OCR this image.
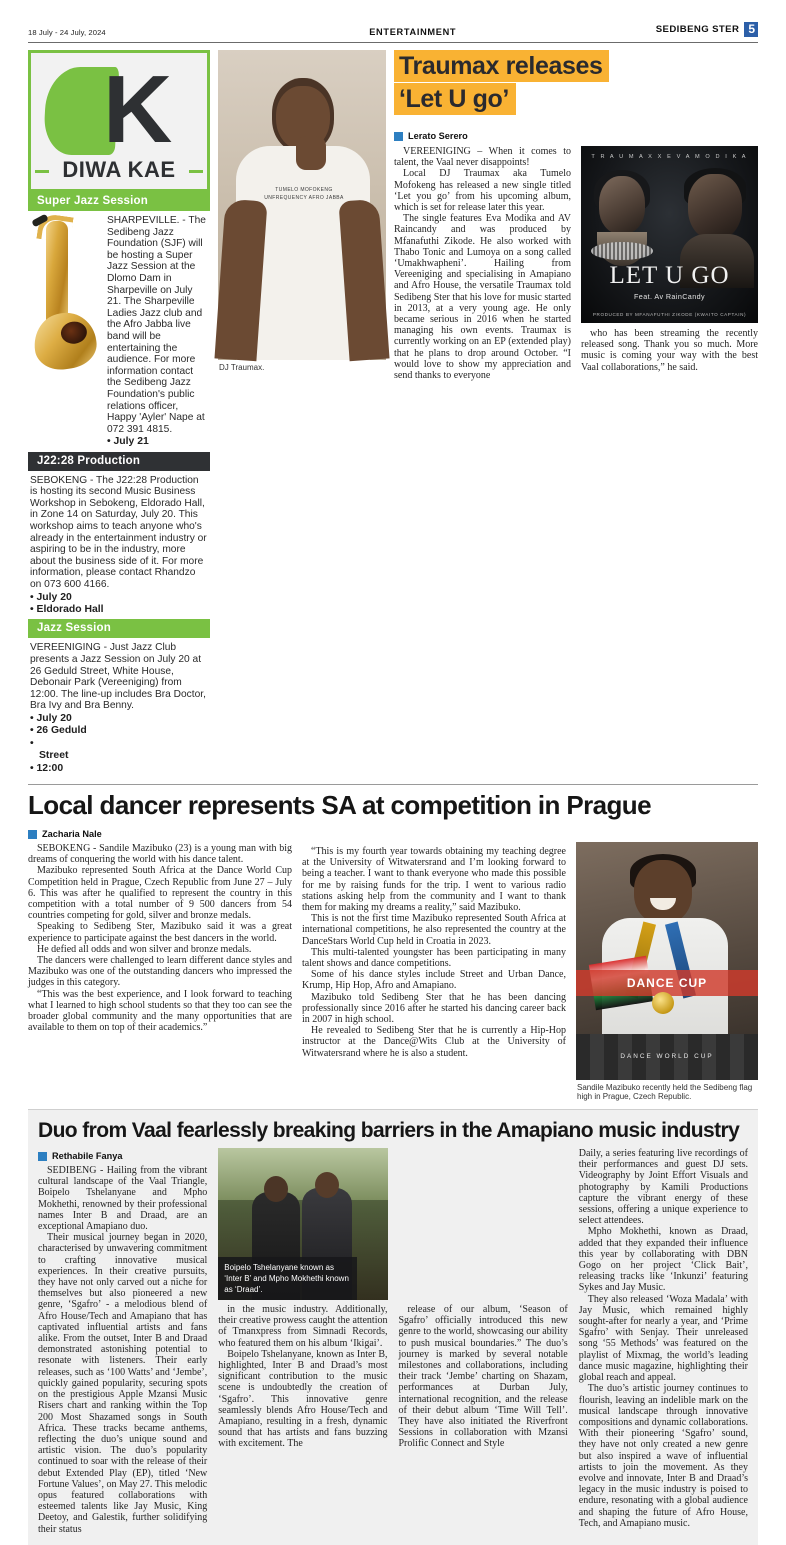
18 July - 24 July, 2024	ENTERTAINMENT	SEDIBENG STER 5
K
DIWA KAE
Super Jazz Session

SHARPEVILLE. - The Sedibeng Jazz Foundation (SJF) will be hosting a Super Jazz Session at the Dlomo Dam in Sharpeville on July 21. The Sharpeville Ladies Jazz club and the Afro Jabba live band will be entertaining the audience. For more information contact the Sedibeng Jazz Foundation's public relations officer, Happy 'Ayler' Nape at 072 391 4815.

• July 21
J22:28 Production

SEBOKENG - The J22:28 Production is hosting its second Music Business Workshop in Sebokeng, Eldorado Hall, in Zone 14 on Saturday, July 20. This workshop aims to teach anyone who's already in the entertainment industry or aspiring to be in the industry, more about the business side of it. For more information, please contact Rhandzo on 073 600 4166.

• July 20
• Eldorado Hall
Jazz Session

VEREENIGING - Just Jazz Club presents a Jazz Session on July 20 at 26 Geduld Street, White House, Debonair Park (Vereeniging) from 12:00. The line-up includes Bra Doctor, Bra Ivy and Bra Benny.

• July 20
• 26 Geduld
• Street
• 12:00
TUMELO MOFOKENG UNFREQUENCY AFRO JABBA
DJ Traumax.
Traumax releases
‘Let U go’
Lerato Serero

VEREENIGING – When it comes to talent, the Vaal never disappoints!

Local DJ Traumax aka Tumelo Mofokeng has released a new single titled ‘Let you go’ from his upcoming album, which is set for release later this year.

The single features Eva Modika and AV Raincandy and was produced by Mfanafuthi Zikode. He also worked with Thabo Tonic and Lumoya on a song called ‘Umakhwapheni’. Hailing from Vereeniging and specialising in Amapiano and Afro House, the versatile Traumax told Sedibeng Ster that his love for music started in 2013, at a very young age. He only became serious in 2016 when he started managing his own events. Traumax is currently working on an EP (extended play) that he plans to drop around October. “I would love to show my appreciation and send thanks to everyone

T R A U M A X X E V A M O D I K A
LET U GO
Feat. Av RainCandy
PRODUCED BY MFANAFUTHI ZIKODE (KWAITO CAPTAIN)

who has been streaming the recently released song. Thank you so much. More music is coming your way with the best Vaal collaborations,” he said.

Local dancer represents SA at competition in Prague
Zacharia Nale

SEBOKENG - Sandile Mazibuko (23) is a young man with big dreams of conquering the world with his dance talent.

Mazibuko represented South Africa at the Dance World Cup Competition held in Prague, Czech Republic from June 27 – July 6. This was after he qualified to represent the country in this competition with a total number of 9 500 dancers from 54 countries competing for gold, silver and bronze medals.

Speaking to Sedibeng Ster, Mazibuko said it was a great experience to participate against the best dancers in the world.

He defied all odds and won silver and bronze medals.

The dancers were challenged to learn different dance styles and Mazibuko was one of the outstanding dancers who impressed the judges in this category.

“This was the best experience, and I look forward to teaching what I learned to high school students so that they too can see the broader global community and the many opportunities that are available to them on top of their academics.”

“This is my fourth year towards obtaining my teaching degree at the University of Witwatersrand and I’m looking forward to being a teacher. I want to thank everyone who made this possible for me by raising funds for the trip. I went to various radio stations asking help from the community and I want to thank them for making my dreams a reality,” said Mazibuko.

This is not the first time Mazibuko represented South Africa at international competitions, he also represented the country at the DanceStars World Cup held in Croatia in 2023.

This multi-talented youngster has been participating in many talent shows and dance competitions.

Some of his dance styles include Street and Urban Dance, Krump, Hip Hop, Afro and Amapiano.

Mazibuko told Sedibeng Ster that he has been dancing professionally since 2016 after he started his dancing career back in 2007 in high school.

He revealed to Sedibeng Ster that he is currently a Hip-Hop instructor at the Dance@Wits Club at the University of Witwatersrand where he is also a student.

DANCE CUP
DANCE WORLD CUP
Sandile Mazibuko recently held the Sedibeng flag high in Prague, Czech Republic.
Duo from Vaal fearlessly breaking barriers in the Amapiano music industry
Rethabile Fanya

SEDIBENG - Hailing from the vibrant cultural landscape of the Vaal Triangle, Boipelo Tshelanyane and Mpho Mokhethi, renowned by their professional names Inter B and Draad, are an exceptional Amapiano duo.

Their musical journey began in 2020, characterised by unwavering commitment to crafting innovative musical experiences. In their creative pursuits, they have not only carved out a niche for themselves but also pioneered a new genre, ‘Sgafro’ - a melodious blend of Afro House/Tech and Amapiano that has captivated influential artists and fans alike. From the outset, Inter B and Draad demonstrated astonishing potential to resonate with listeners. Their early releases, such as ‘100 Watts’ and ‘Jembe’, quickly gained popularity, securing spots on the prestigious Apple Mzansi Music Risers chart and ranking within the Top 200 Most Shazamed songs in South Africa. These tracks became anthems, reflecting the duo’s unique sound and artistic vision. The duo’s popularity continued to soar with the release of their debut Extended Play (EP), titled ‘New Fortune Values’, on May 27. This melodic opus featured collaborations with esteemed talents like Jay Music, King Deetoy, and Galestik, further solidifying their status

Boipelo Tshelanyane known as ‘Inter B’ and Mpho Mokhethi known as ‘Draad’.

in the music industry. Additionally, their creative prowess caught the attention of Tmanxpress from Simnadi Records, who featured them on his album ‘Ikigai’.

Boipelo Tshelanyane, known as Inter B, highlighted, Inter B and Draad’s most significant contribution to the music scene is undoubtedly the creation of ‘Sgafro’. This innovative genre seamlessly blends Afro House/Tech and Amapiano, resulting in a fresh, dynamic sound that has artists and fans buzzing with excitement. The

release of our album, ‘Season of Sgafro’ officially introduced this new genre to the world, showcasing our ability to push musical boundaries.” The duo’s journey is marked by several notable milestones and collaborations, including their track ‘Jembe’ charting on Shazam, performances at Durban July, international recognition, and the release of their debut album ‘Time Will Tell’. They have also initiated the Riverfront Sessions in collaboration with Mzansi Prolific Connect and Style

Daily, a series featuring live recordings of their performances and guest DJ sets. Videography by Joint Effort Visuals and photography by Kamili Productions capture the vibrant energy of these sessions, offering a unique experience to select attendees.

Mpho Mokhethi, known as Draad, added that they expanded their influence this year by collaborating with DBN Gogo on her project ‘Click Bait’, releasing tracks like ‘Inkunzi’ featuring Sykes and Jay Music.

They also released ‘Woza Madala’ with Jay Music, which remained highly sought-after for nearly a year, and ‘Prime Sgafro’ with Senjay. Their unreleased song ‘55 Methods’ was featured on the playlist of Mixmag, the world’s leading dance music magazine, highlighting their global reach and appeal.

The duo’s artistic journey continues to flourish, leaving an indelible mark on the musical landscape through innovative compositions and dynamic collaborations. With their pioneering ‘Sgafro’ sound, they have not only created a new genre but also inspired a wave of influential artists to join the movement. As they evolve and innovate, Inter B and Draad’s legacy in the music industry is poised to endure, resonating with a global audience and shaping the future of Afro House, Tech, and Amapiano music.
